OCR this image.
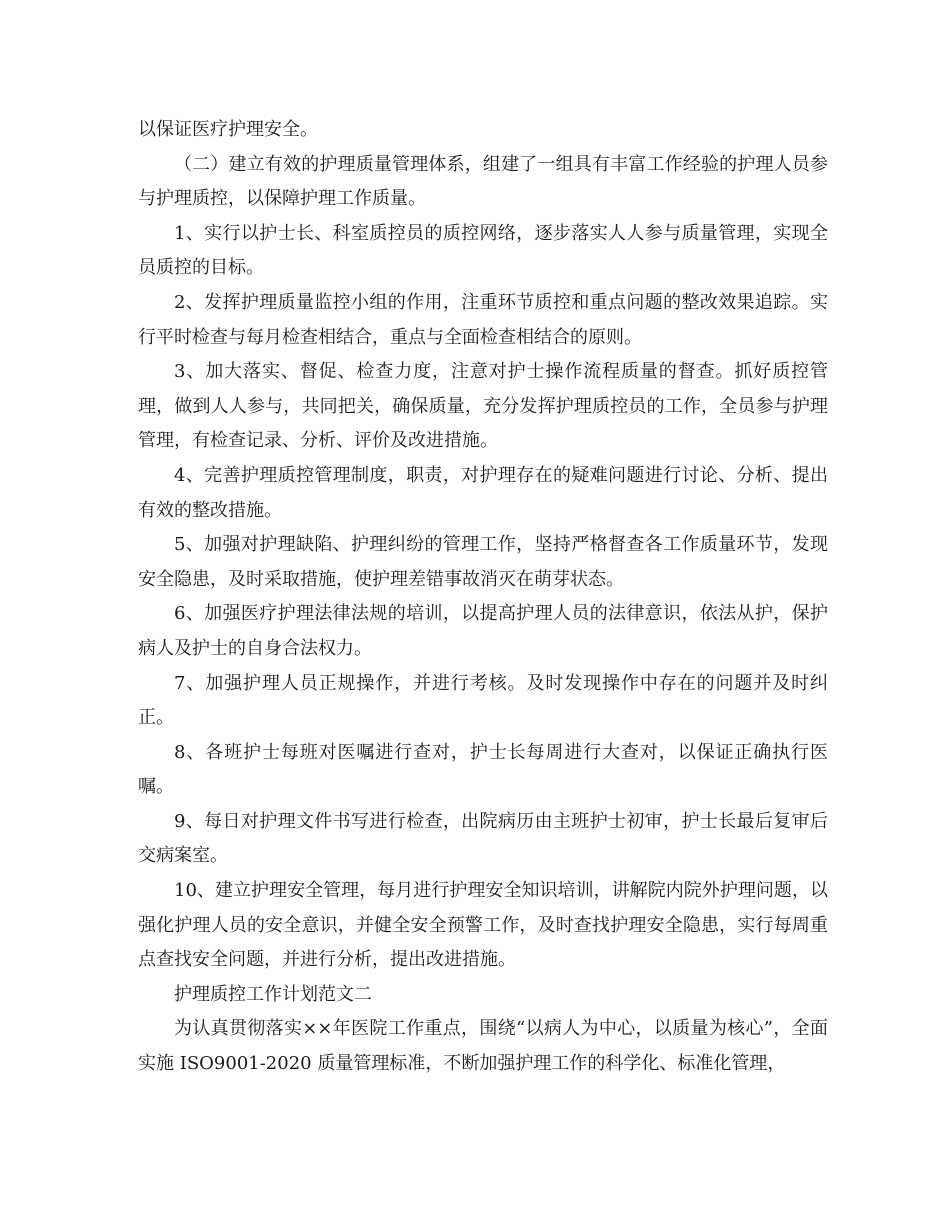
以保证医疗护理安全。

（二）建立有效的护理质量管理体系，组建了一组具有丰富工作经验的护理人员参与护理质控，以保障护理工作质量。

1、实行以护士长、科室质控员的质控网络，逐步落实人人参与质量管理，实现全员质控的目标。

2、发挥护理质量监控小组的作用，注重环节质控和重点问题的整改效果追踪。实行平时检查与每月检查相结合，重点与全面检查相结合的原则。

3、加大落实、督促、检查力度，注意对护士操作流程质量的督查。抓好质控管理，做到人人参与，共同把关，确保质量，充分发挥护理质控员的工作，全员参与护理管理，有检查记录、分析、评价及改进措施。

4、完善护理质控管理制度，职责，对护理存在的疑难问题进行讨论、分析、提出有效的整改措施。

5、加强对护理缺陷、护理纠纷的管理工作，坚持严格督查各工作质量环节，发现安全隐患，及时采取措施，使护理差错事故消灭在萌芽状态。

6、加强医疗护理法律法规的培训，以提高护理人员的法律意识，依法从护，保护病人及护士的自身合法权力。

7、加强护理人员正规操作，并进行考核。及时发现操作中存在的问题并及时纠正。

8、各班护士每班对医嘱进行查对，护士长每周进行大查对，以保证正确执行医嘱。

9、每日对护理文件书写进行检查，出院病历由主班护士初审，护士长最后复审后交病案室。

10、建立护理安全管理，每月进行护理安全知识培训，讲解院内院外护理问题，以强化护理人员的安全意识，并健全安全预警工作，及时查找护理安全隐患，实行每周重点查找安全问题，并进行分析，提出改进措施。

护理质控工作计划范文二

为认真贯彻落实××年医院工作重点，围绕“以病人为中心，以质量为核心”，全面实施 ISO9001-2020 质量管理标准，不断加强护理工作的科学化、标准化管理，
